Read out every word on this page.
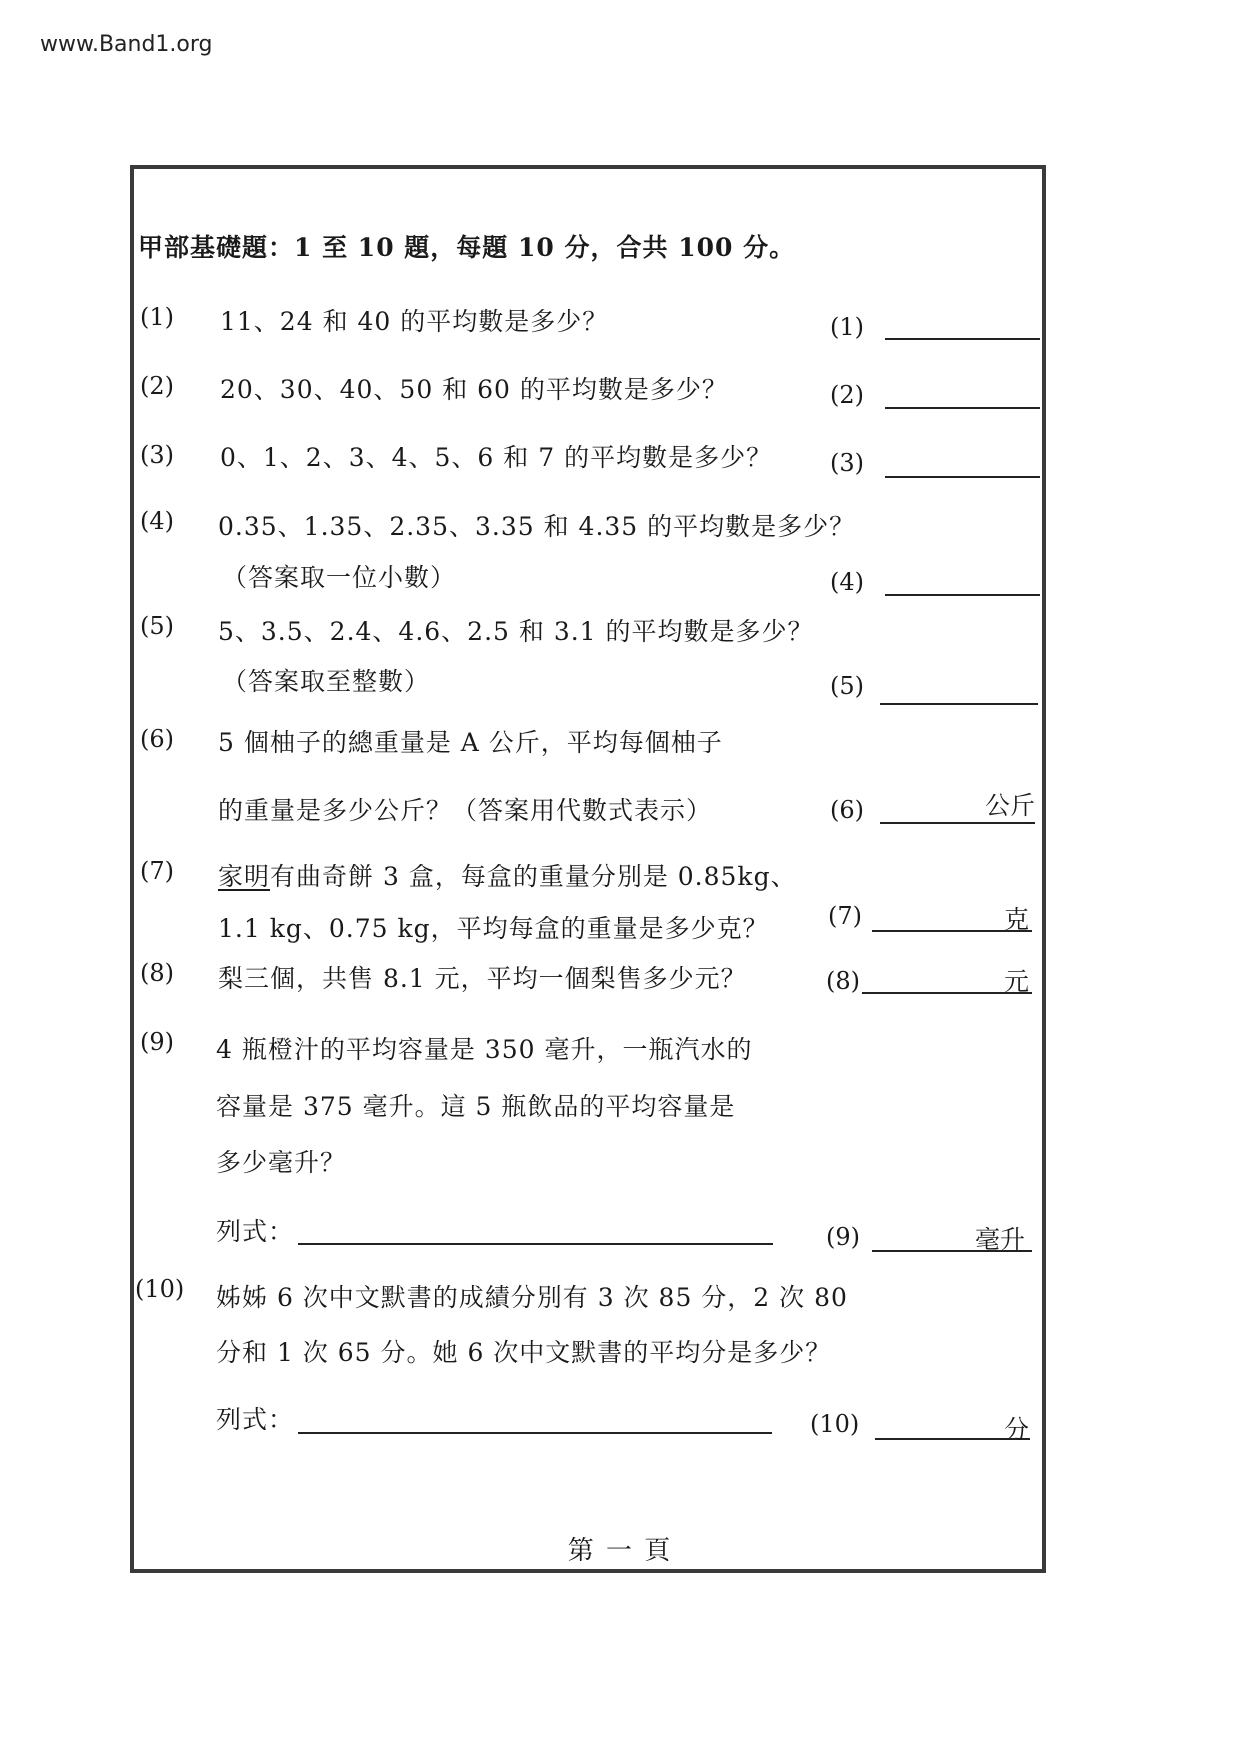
www.Band1.org
甲部基礎題：1 至 10 題，每題 10 分，合共 100 分。
(1) 11、24 和 40 的平均數是多少？	(1)
(2) 20、30、40、50 和 60 的平均數是多少？	(2)
(3) 0、1、2、3、4、5、6 和 7 的平均數是多少？ (3)
(4) 0.35、1.35、2.35、3.35 和 4.35 的平均數是多少？
（答案取一位小數）	(4)
(5) 5、3.5、2.4、4.6、2.5 和 3.1 的平均數是多少？
（答案取至整數）	(5)
(6) 5 個柚子的總重量是 A 公斤，平均每個柚子
的重量是多少公斤？（答案用代數式表示）	(6)	公斤
(7) 家明有曲奇餅 3 盒，每盒的重量分別是 0.85kg、
1.1 kg、0.75 kg，平均每盒的重量是多少克？ (7)	克
(8) 梨三個，共售 8.1 元，平均一個梨售多少元？	(8)	元
(9) 4 瓶橙汁的平均容量是 350 毫升，一瓶汽水的
容量是 375 毫升。這 5 瓶飲品的平均容量是
多少毫升？
列式：	(9)	毫升
(10) 姊姊 6 次中文默書的成績分別有 3 次 85 分，2 次 80
分和 1 次 65 分。她 6 次中文默書的平均分是多少？
列式：	(10)	分
第 一 頁
